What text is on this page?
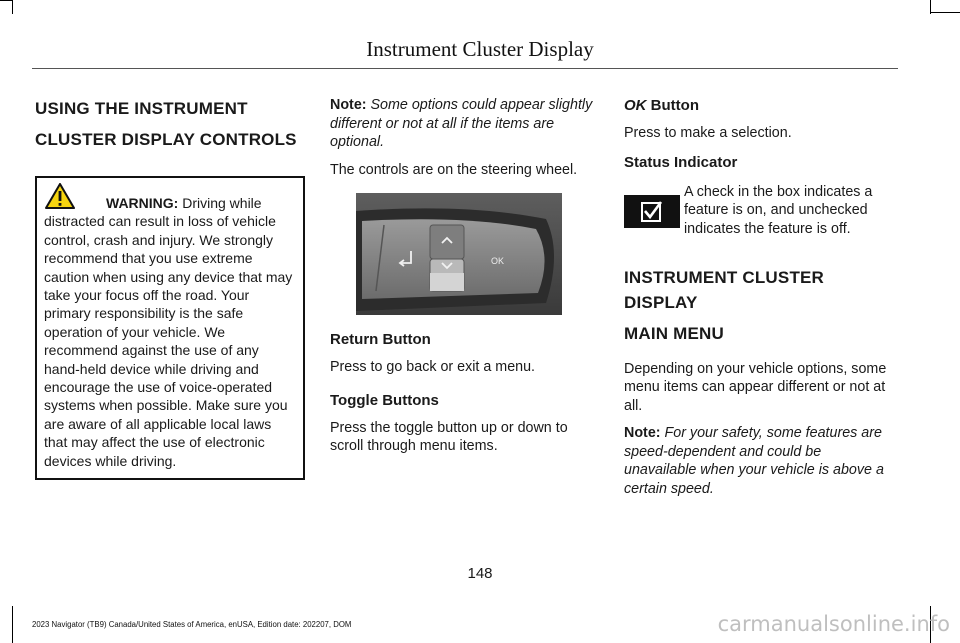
Instrument Cluster Display
USING THE INSTRUMENT
CLUSTER DISPLAY CONTROLS

WARNING: Driving while distracted can result in loss of vehicle control, crash and injury. We strongly recommend that you use extreme caution when using any device that may take your focus off the road. Your primary responsibility is the safe operation of your vehicle. We recommend against the use of any hand-held device while driving and encourage the use of voice-operated systems when possible. Make sure you are aware of all applicable local laws that may affect the use of electronic devices while driving.

Note: Some options could appear slightly different or not at all if the items are optional.

The controls are on the steering wheel.

OK

Return Button

Press to go back or exit a menu.

Toggle Buttons

Press the toggle button up or down to scroll through menu items.

OK Button

Press to make a selection.

Status Indicator

A check in the box indicates a feature is on, and unchecked indicates the feature is off.

INSTRUMENT CLUSTER DISPLAY
MAIN MENU

Depending on your vehicle options, some menu items can appear different or not at all.

Note: For your safety, some features are speed-dependent and could be unavailable when your vehicle is above a certain speed.

148
2023 Navigator (TB9) Canada/United States of America, enUSA, Edition date: 202207, DOM	carmanualsonline.info
